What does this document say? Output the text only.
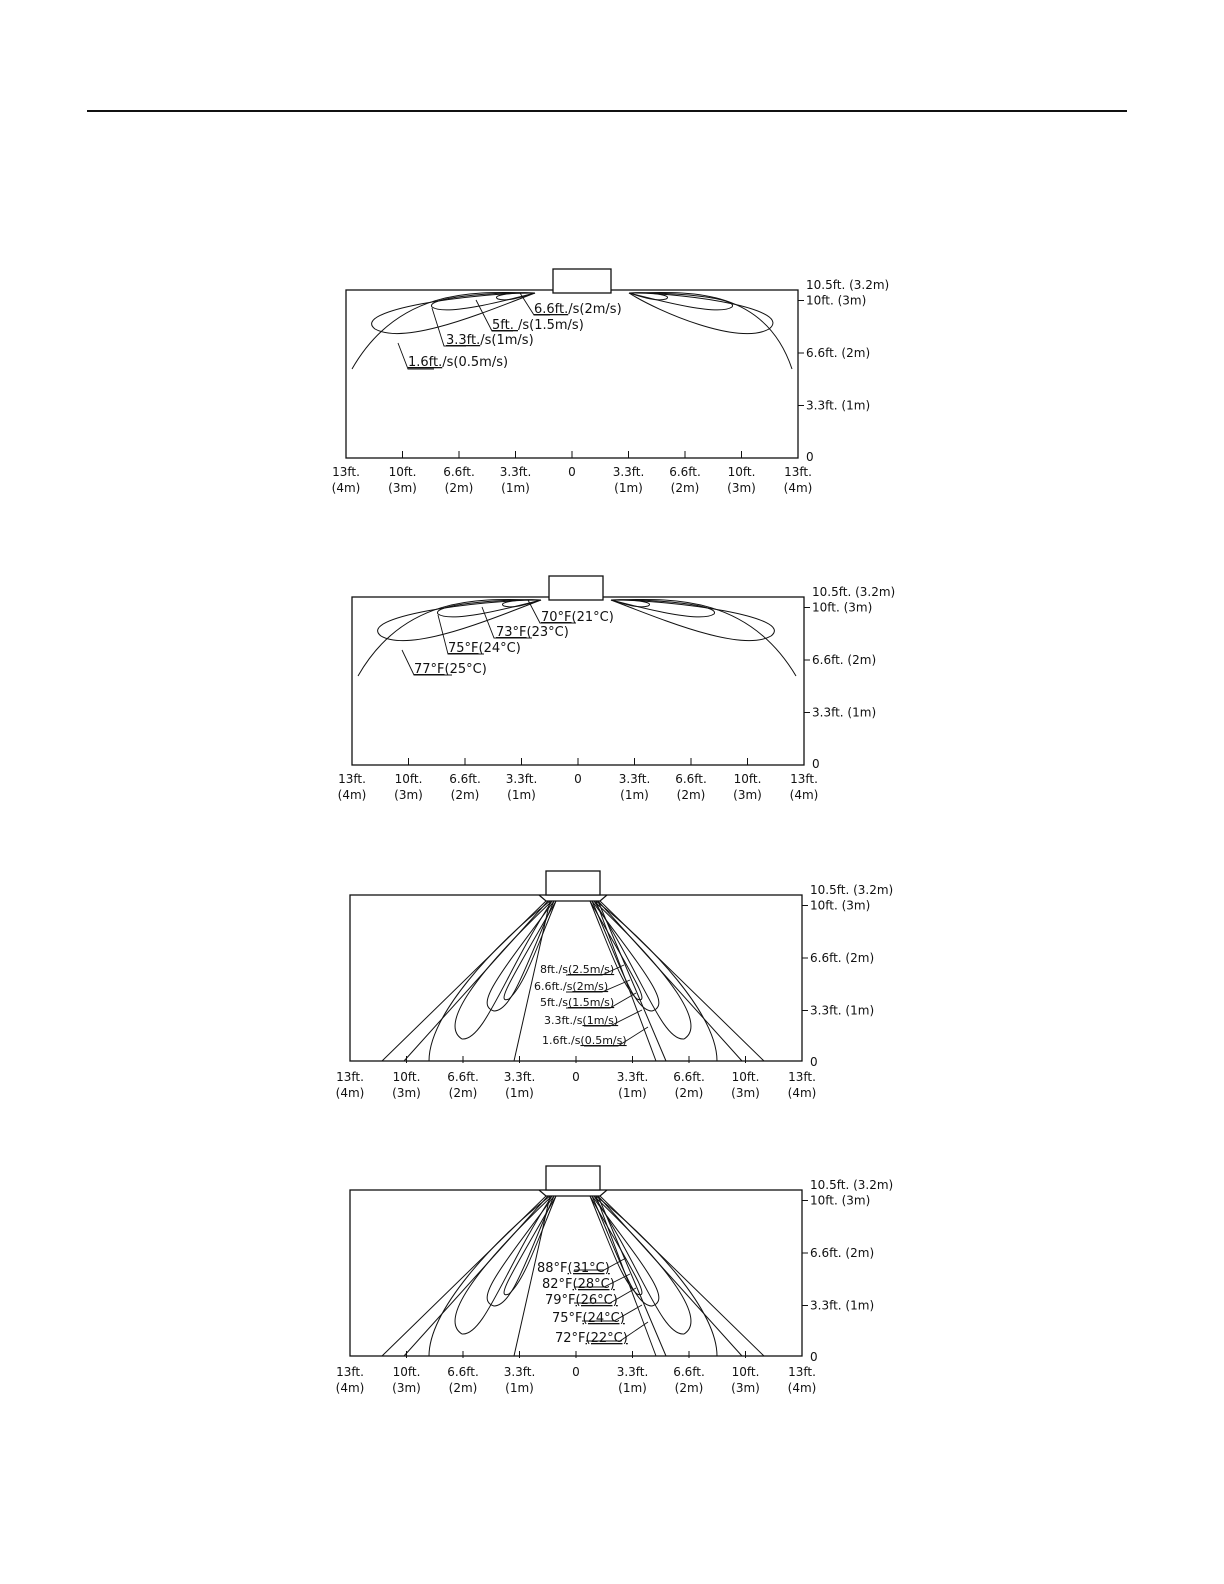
6.6ft./s(2m/s)
5ft. /s(1.5m/s)
3.3ft./s(1m/s)
1.6ft./s(0.5m/s)
13ft.
(4m)
10ft.
(3m)
6.6ft.
(2m)
3.3ft.
(1m)
0	3.3ft.
(1m)
6.6ft.
(2m)
10ft.
(3m)
13ft.
(4m)
10.5ft. (3.2m)
10ft. (3m)
6.6ft. (2m)
3.3ft. (1m)
0
70°F(21°C)
73°F(23°C)
75°F(24°C)
77°F(25°C)
13ft.
(4m)
10ft.
(3m)
6.6ft.
(2m)
3.3ft.
(1m)
0	3.3ft.
(1m)
6.6ft.
(2m)
10ft.
(3m)
13ft.
(4m)
10.5ft. (3.2m)
10ft. (3m)
6.6ft. (2m)
3.3ft. (1m)
0
8ft./s(2.5m/s)
6.6ft./s(2m/s)
5ft./s(1.5m/s)
3.3ft./s(1m/s)
1.6ft./s(0.5m/s)
13ft.
(4m)
10ft.
(3m)
6.6ft.
(2m)
3.3ft.
(1m)
0	3.3ft.
(1m)
6.6ft.
(2m)
10ft.
(3m)
13ft.
(4m)
10.5ft. (3.2m)
10ft. (3m)
6.6ft. (2m)
3.3ft. (1m)
0
88°F(31°C)
82°F(28°C)
79°F(26°C)
75°F(24°C)
72°F(22°C)
13ft.
(4m)
10ft.
(3m)
6.6ft.
(2m)
3.3ft.
(1m)
0	3.3ft.
(1m)
6.6ft.
(2m)
10ft.
(3m)
13ft.
(4m)
10.5ft. (3.2m)
10ft. (3m)
6.6ft. (2m)
3.3ft. (1m)
0
